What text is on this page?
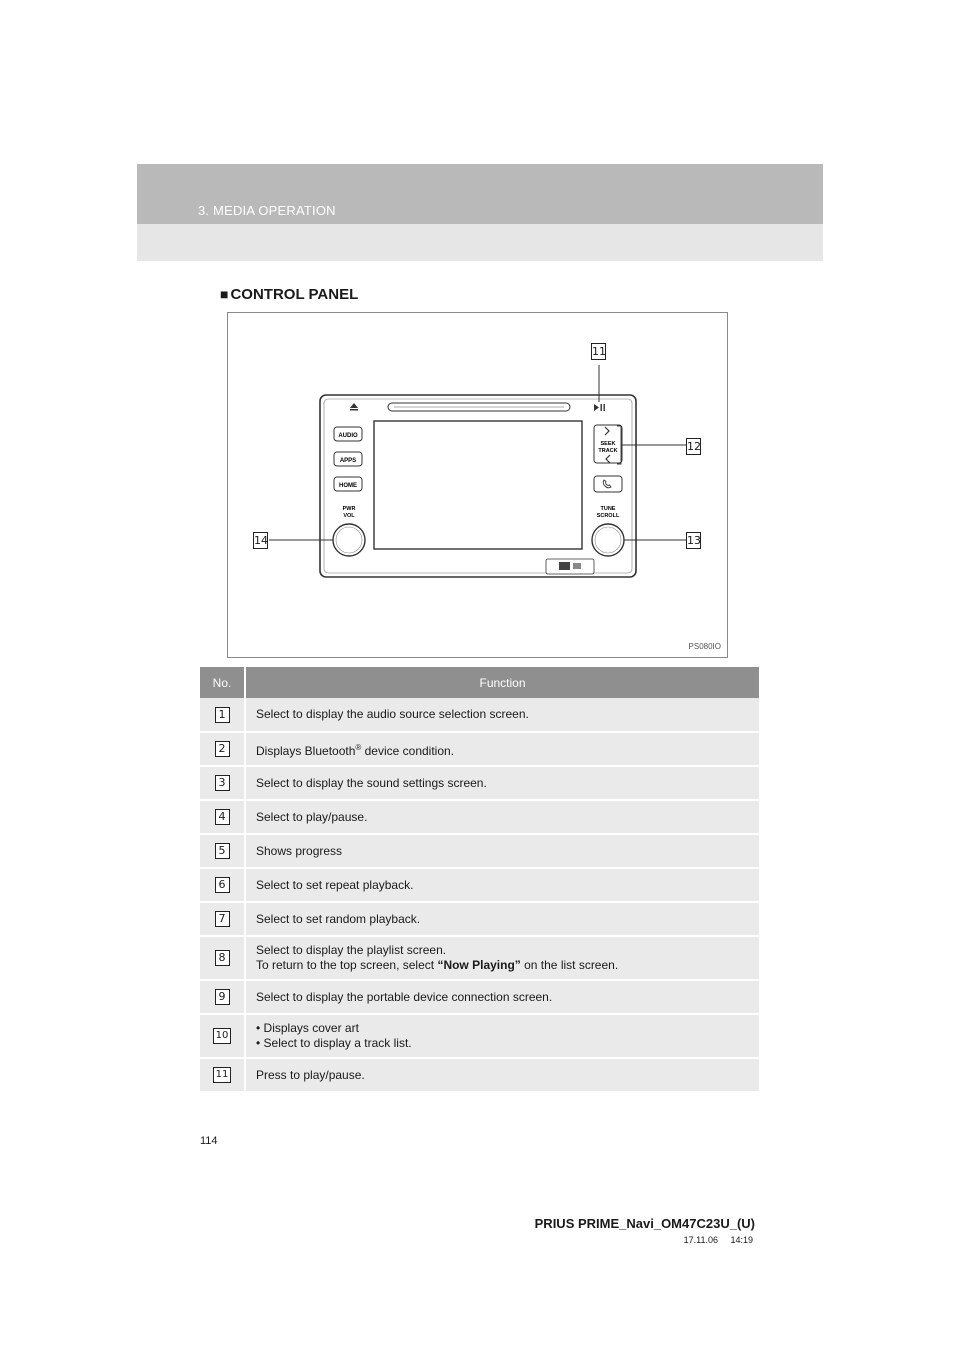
3. MEDIA OPERATION
■ CONTROL PANEL
AUDIO
APPS
HOME
PWR
VOL
SEEK
TRACK
TUNE
SCROLL
11
12
13
14
PS080IO
No.	Function
1	Select to display the audio source selection screen.
2	Displays Bluetooth® device condition.
3	Select to display the sound settings screen.
4	Select to play/pause.
5	Shows progress
6	Select to set repeat playback.
7	Select to set random playback.
8	Select to display the playlist screen.
To return to the top screen, select “Now Playing” on the list screen.

9	Select to display the portable device connection screen.
10	• Displays cover art
• Select to display a track list.

11	Press to play/pause.
114
PRIUS PRIME_Navi_OM47C23U_(U)
17.11.06     14:19
